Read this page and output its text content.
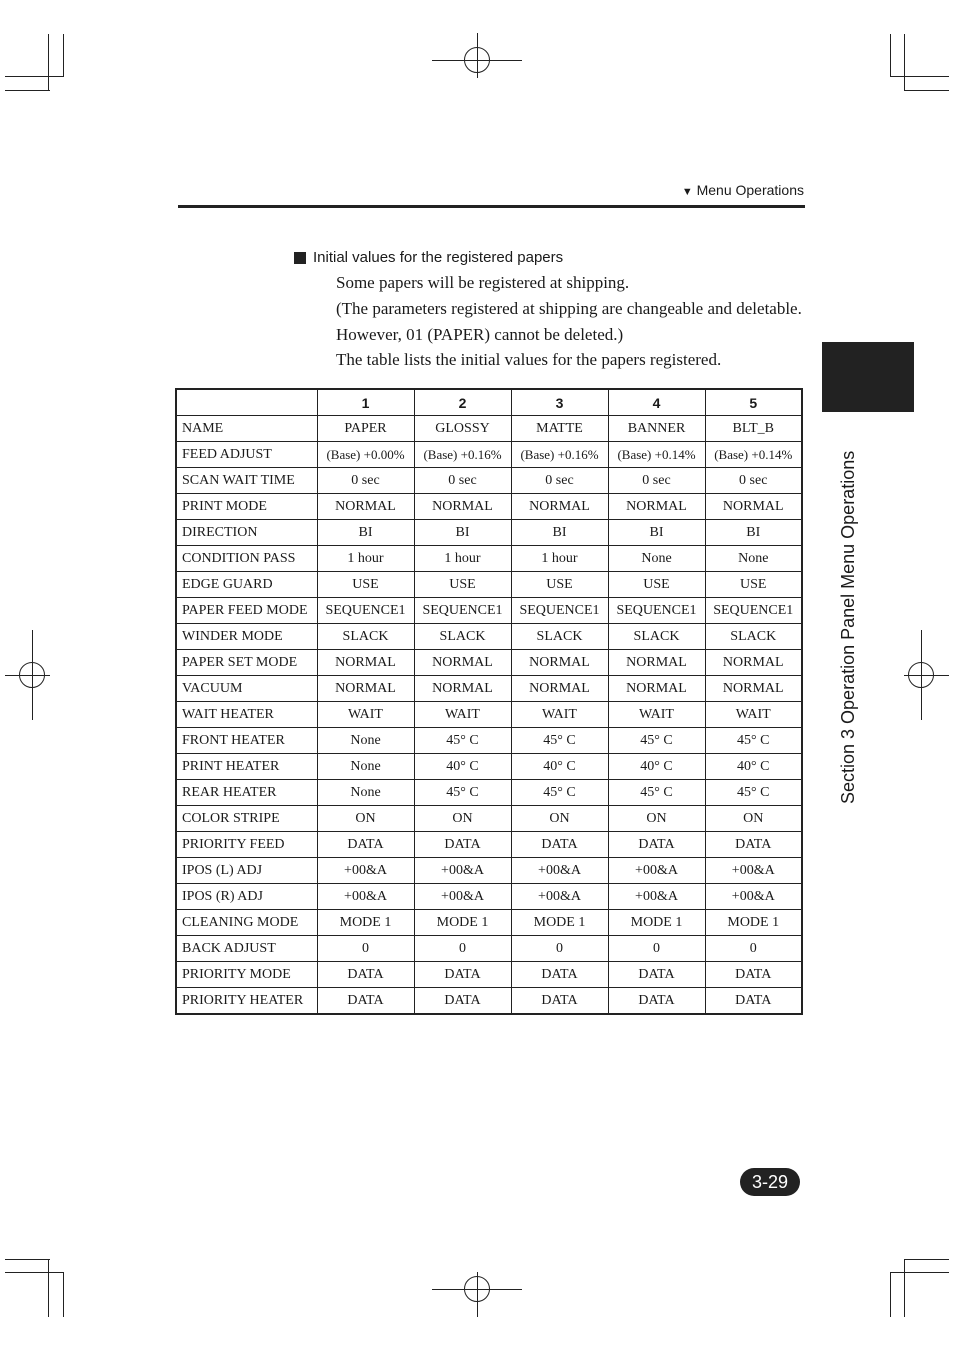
▼ Menu Operations
Initial values for the registered papers
Some papers will be registered at shipping.
(The parameters registered at shipping are changeable and deletable.
However, 01 (PAPER) cannot be deleted.)
The table lists the initial values for the papers registered.
	1	2	3	4	5
NAME	PAPER	GLOSSY	MATTE	BANNER	BLT_B
FEED ADJUST	(Base) +0.00%	(Base) +0.16%	(Base) +0.16%	(Base) +0.14%	(Base) +0.14%
SCAN WAIT TIME	0 sec	0 sec	0 sec	0 sec	0 sec
PRINT MODE	NORMAL	NORMAL	NORMAL	NORMAL	NORMAL
DIRECTION	BI	BI	BI	BI	BI
CONDITION PASS	1 hour	1 hour	1 hour	None	None
EDGE GUARD	USE	USE	USE	USE	USE
PAPER FEED MODE	SEQUENCE1	SEQUENCE1	SEQUENCE1	SEQUENCE1	SEQUENCE1
WINDER MODE	SLACK	SLACK	SLACK	SLACK	SLACK
PAPER SET MODE	NORMAL	NORMAL	NORMAL	NORMAL	NORMAL
VACUUM	NORMAL	NORMAL	NORMAL	NORMAL	NORMAL
WAIT HEATER	WAIT	WAIT	WAIT	WAIT	WAIT
FRONT HEATER	None	45° C	45° C	45° C	45° C
PRINT HEATER	None	40° C	40° C	40° C	40° C
REAR HEATER	None	45° C	45° C	45° C	45° C
COLOR STRIPE	ON	ON	ON	ON	ON
PRIORITY FEED	DATA	DATA	DATA	DATA	DATA
IPOS (L) ADJ	+00&A	+00&A	+00&A	+00&A	+00&A
IPOS (R) ADJ	+00&A	+00&A	+00&A	+00&A	+00&A
CLEANING MODE	MODE 1	MODE 1	MODE 1	MODE 1	MODE 1
BACK ADJUST	0	0	0	0	0
PRIORITY MODE	DATA	DATA	DATA	DATA	DATA
PRIORITY HEATER	DATA	DATA	DATA	DATA	DATA
Section 3 Operation Panel Menu Operations
3-29
